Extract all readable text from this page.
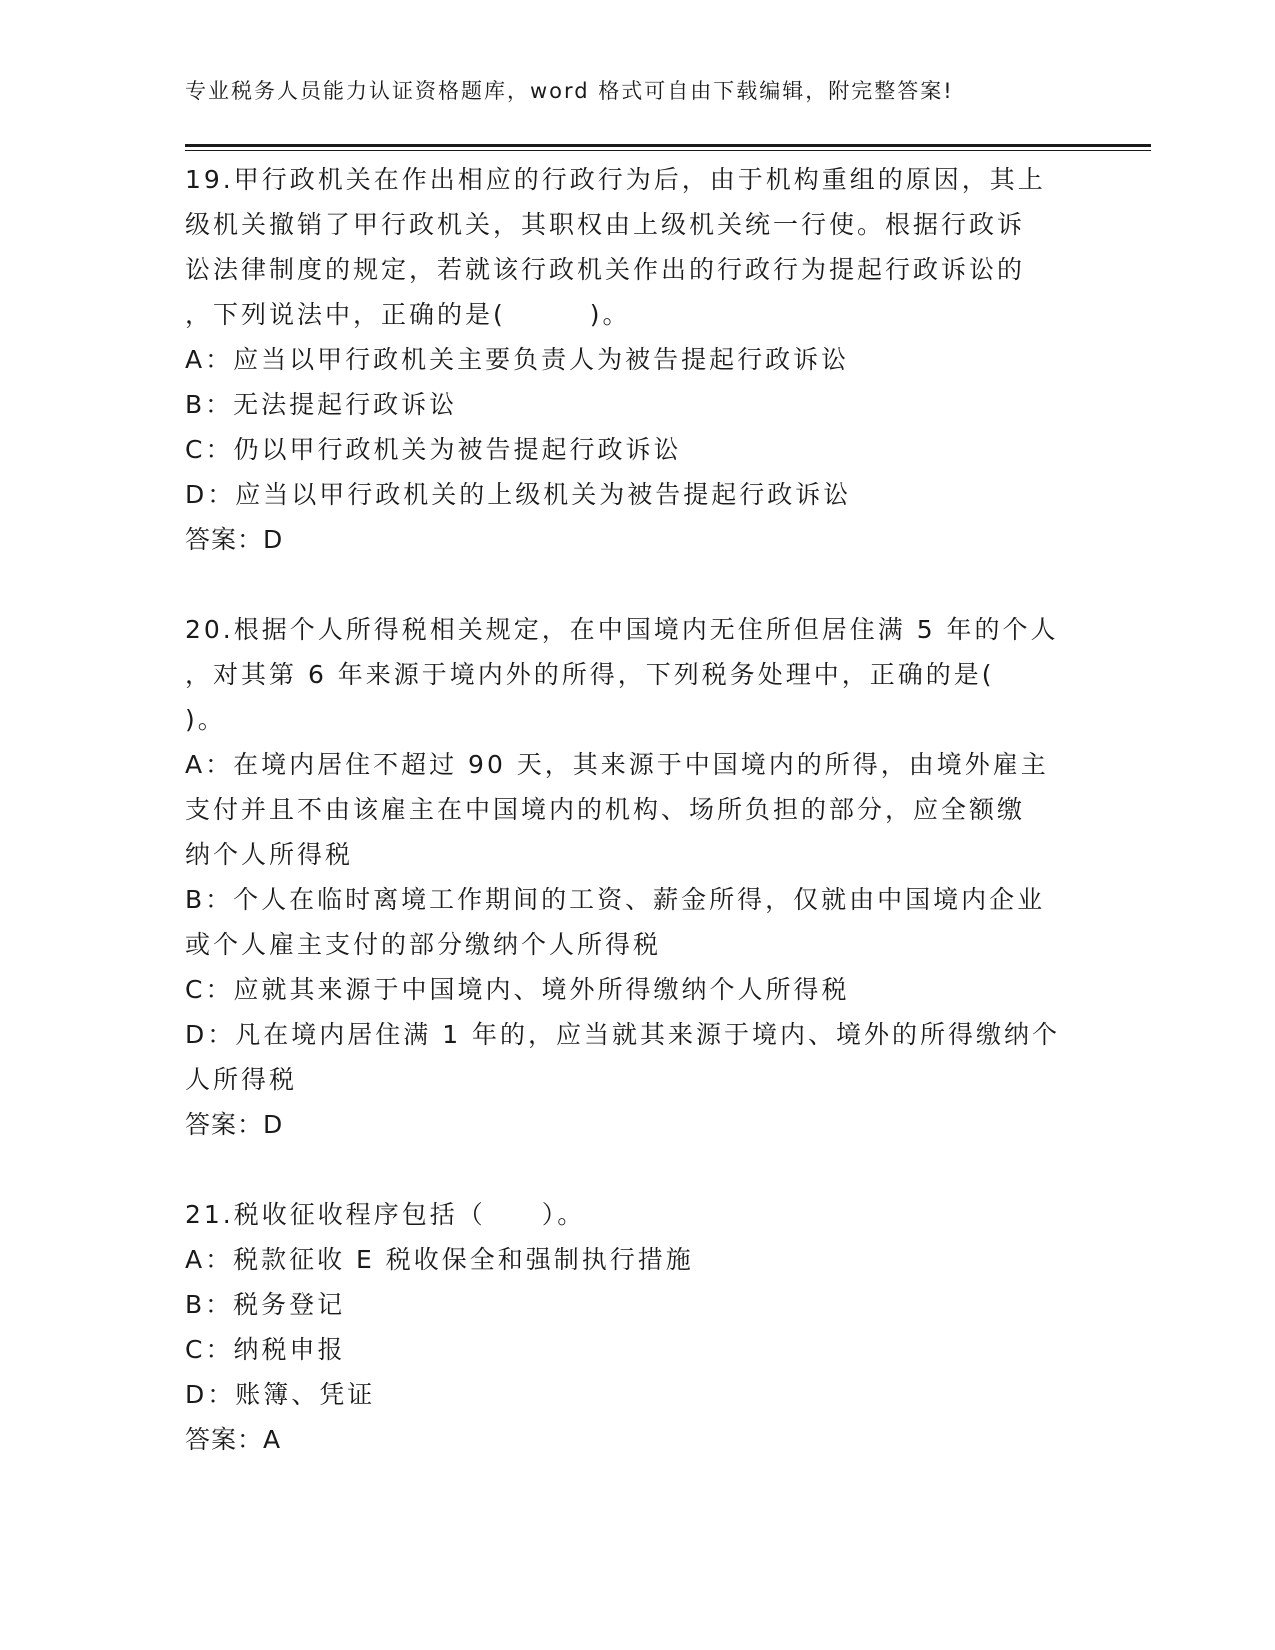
专业税务人员能力认证资格题库，word 格式可自由下载编辑，附完整答案!
19.甲行政机关在作出相应的行政行为后，由于机构重组的原因，其上
级机关撤销了甲行政机关，其职权由上级机关统一行使。根据行政诉
讼法律制度的规定，若就该行政机关作出的行政行为提起行政诉讼的
，下列说法中，正确的是(　　　)。
A：应当以甲行政机关主要负责人为被告提起行政诉讼
B：无法提起行政诉讼
C：仍以甲行政机关为被告提起行政诉讼
D：应当以甲行政机关的上级机关为被告提起行政诉讼
答案：D
20.根据个人所得税相关规定，在中国境内无住所但居住满 5 年的个人
，对其第 6 年来源于境内外的所得，下列税务处理中，正确的是(
)。
A：在境内居住不超过 90 天，其来源于中国境内的所得，由境外雇主
支付并且不由该雇主在中国境内的机构、场所负担的部分，应全额缴
纳个人所得税
B：个人在临时离境工作期间的工资、薪金所得，仅就由中国境内企业
或个人雇主支付的部分缴纳个人所得税
C：应就其来源于中国境内、境外所得缴纳个人所得税
D：凡在境内居住满 1 年的，应当就其来源于境内、境外的所得缴纳个
人所得税
答案：D
21.税收征收程序包括（　　）。
A：税款征收 E 税收保全和强制执行措施
B：税务登记
C：纳税申报
D：账簿、凭证
答案：A
